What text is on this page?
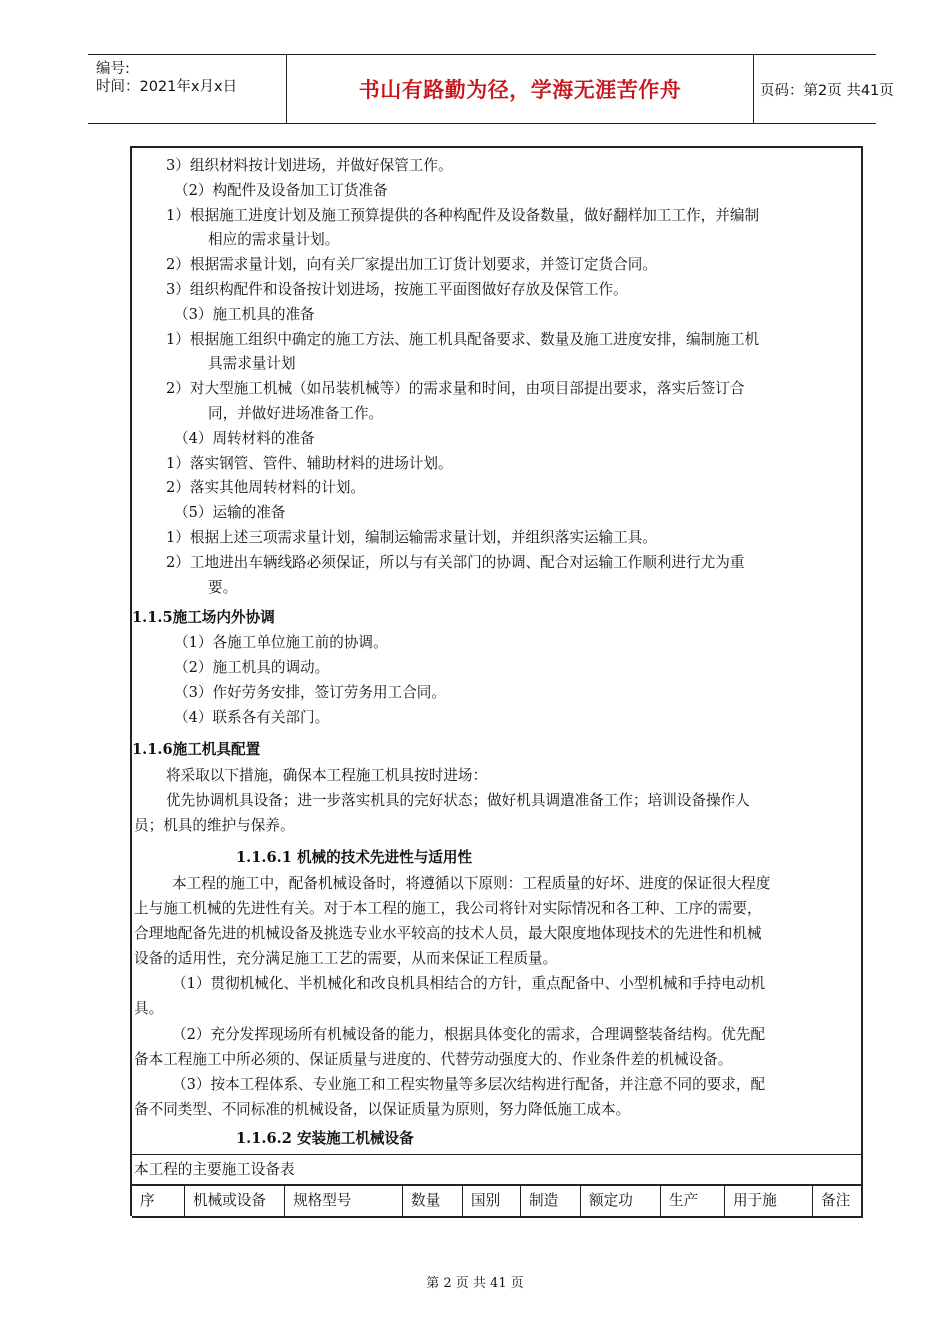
编号:
时间：2021年x月x日	书山有路勤为径，学海无涯苦作舟	页码：第2页 共41页
3）组织材料按计划进场，并做好保管工作。
（2）构配件及设备加工订货准备
1）根据施工进度计划及施工预算提供的各种构配件及设备数量，做好翻样加工工作，并编制
相应的需求量计划。
2）根据需求量计划，向有关厂家提出加工订货计划要求，并签订定货合同。
3）组织构配件和设备按计划进场，按施工平面图做好存放及保管工作。
（3）施工机具的准备
1）根据施工组织中确定的施工方法、施工机具配备要求、数量及施工进度安排，编制施工机
具需求量计划
2）对大型施工机械（如吊装机械等）的需求量和时间，由项目部提出要求，落实后签订合
同，并做好进场准备工作。
（4）周转材料的准备
1）落实钢管、管件、辅助材料的进场计划。
2）落实其他周转材料的计划。
（5）运输的准备
1）根据上述三项需求量计划，编制运输需求量计划，并组织落实运输工具。
2）工地进出车辆线路必须保证，所以与有关部门的协调、配合对运输工作顺利进行尤为重
要。
1.1.5施工场内外协调
（1）各施工单位施工前的协调。
（2）施工机具的调动。
（3）作好劳务安排，签订劳务用工合同。
（4）联系各有关部门。
1.1.6施工机具配置
将采取以下措施，确保本工程施工机具按时进场：
优先协调机具设备；进一步落实机具的完好状态；做好机具调遣准备工作；培训设备操作人
员；机具的维护与保养。
1.1.6.1 机械的技术先进性与适用性
本工程的施工中，配备机械设备时，将遵循以下原则：工程质量的好坏、进度的保证很大程度
上与施工机械的先进性有关。对于本工程的施工，我公司将针对实际情况和各工种、工序的需要，
合理地配备先进的机械设备及挑选专业水平较高的技术人员，最大限度地体现技术的先进性和机械
设备的适用性，充分满足施工工艺的需要，从而来保证工程质量。
（1）贯彻机械化、半机械化和改良机具相结合的方针，重点配备中、小型机械和手持电动机
具。
（2）充分发挥现场所有机械设备的能力，根据具体变化的需求，合理调整装备结构。优先配
备本工程施工中所必须的、保证质量与进度的、代替劳动强度大的、作业条件差的机械设备。
（3）按本工程体系、专业施工和工程实物量等多层次结构进行配备，并注意不同的要求，配
备不同类型、不同标准的机械设备，以保证质量为原则，努力降低施工成本。
1.1.6.2 安装施工机械设备
本工程的主要施工设备表
序	机械或设备	规格型号	数量	国别	制造	额定功	生产	用于施	备注
第 2 页 共 41 页
